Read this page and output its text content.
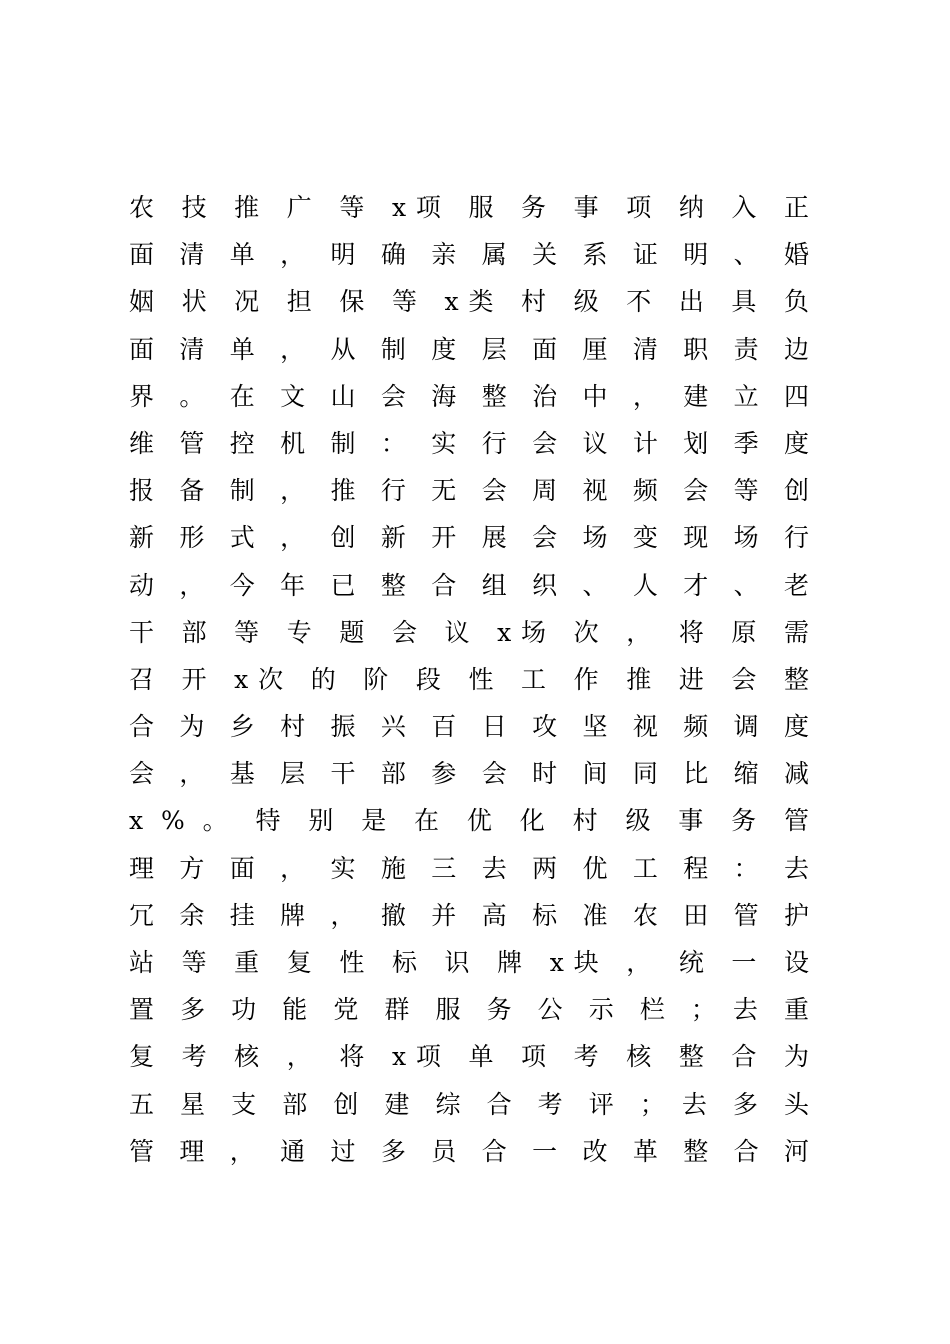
农 技 推 广 等 x项 服 务 事 项 纳 入 正
面 清 单 ， 明 确 亲 属 关 系 证 明 、 婚
姻 状 况 担 保 等 x类 村 级 不 出 具 负
面 清 单 ， 从 制 度 层 面 厘 清 职 责 边
界 。 在 文 山 会 海 整 治 中 ， 建 立 四
维 管 控 机 制 ： 实 行 会 议 计 划 季 度
报 备 制 ， 推 行 无 会 周 视 频 会 等 创
新 形 式 ， 创 新 开 展 会 场 变 现 场 行
动 ， 今 年 已 整 合 组 织 、 人 才 、 老
干 部 等 专 题 会 议 x场 次 ， 将 原 需
召 开 x次 的 阶 段 性 工 作 推 进 会 整
合 为 乡 村 振 兴 百 日 攻 坚 视 频 调 度
会 ， 基 层 干 部 参 会 时 间 同 比 缩 减
x % 。 特 别 是 在 优 化 村 级 事 务 管
理 方 面 ， 实 施 三 去 两 优 工 程 ： 去
冗 余 挂 牌 ， 撤 并 高 标 准 农 田 管 护
站 等 重 复 性 标 识 牌 x块 ， 统 一 设
置 多 功 能 党 群 服 务 公 示 栏 ； 去 重
复 考 核 ， 将 x项 单 项 考 核 整 合 为
五 星 支 部 创 建 综 合 考 评 ； 去 多 头
管 理 ， 通 过 多 员 合 一 改 革 整 合 河
